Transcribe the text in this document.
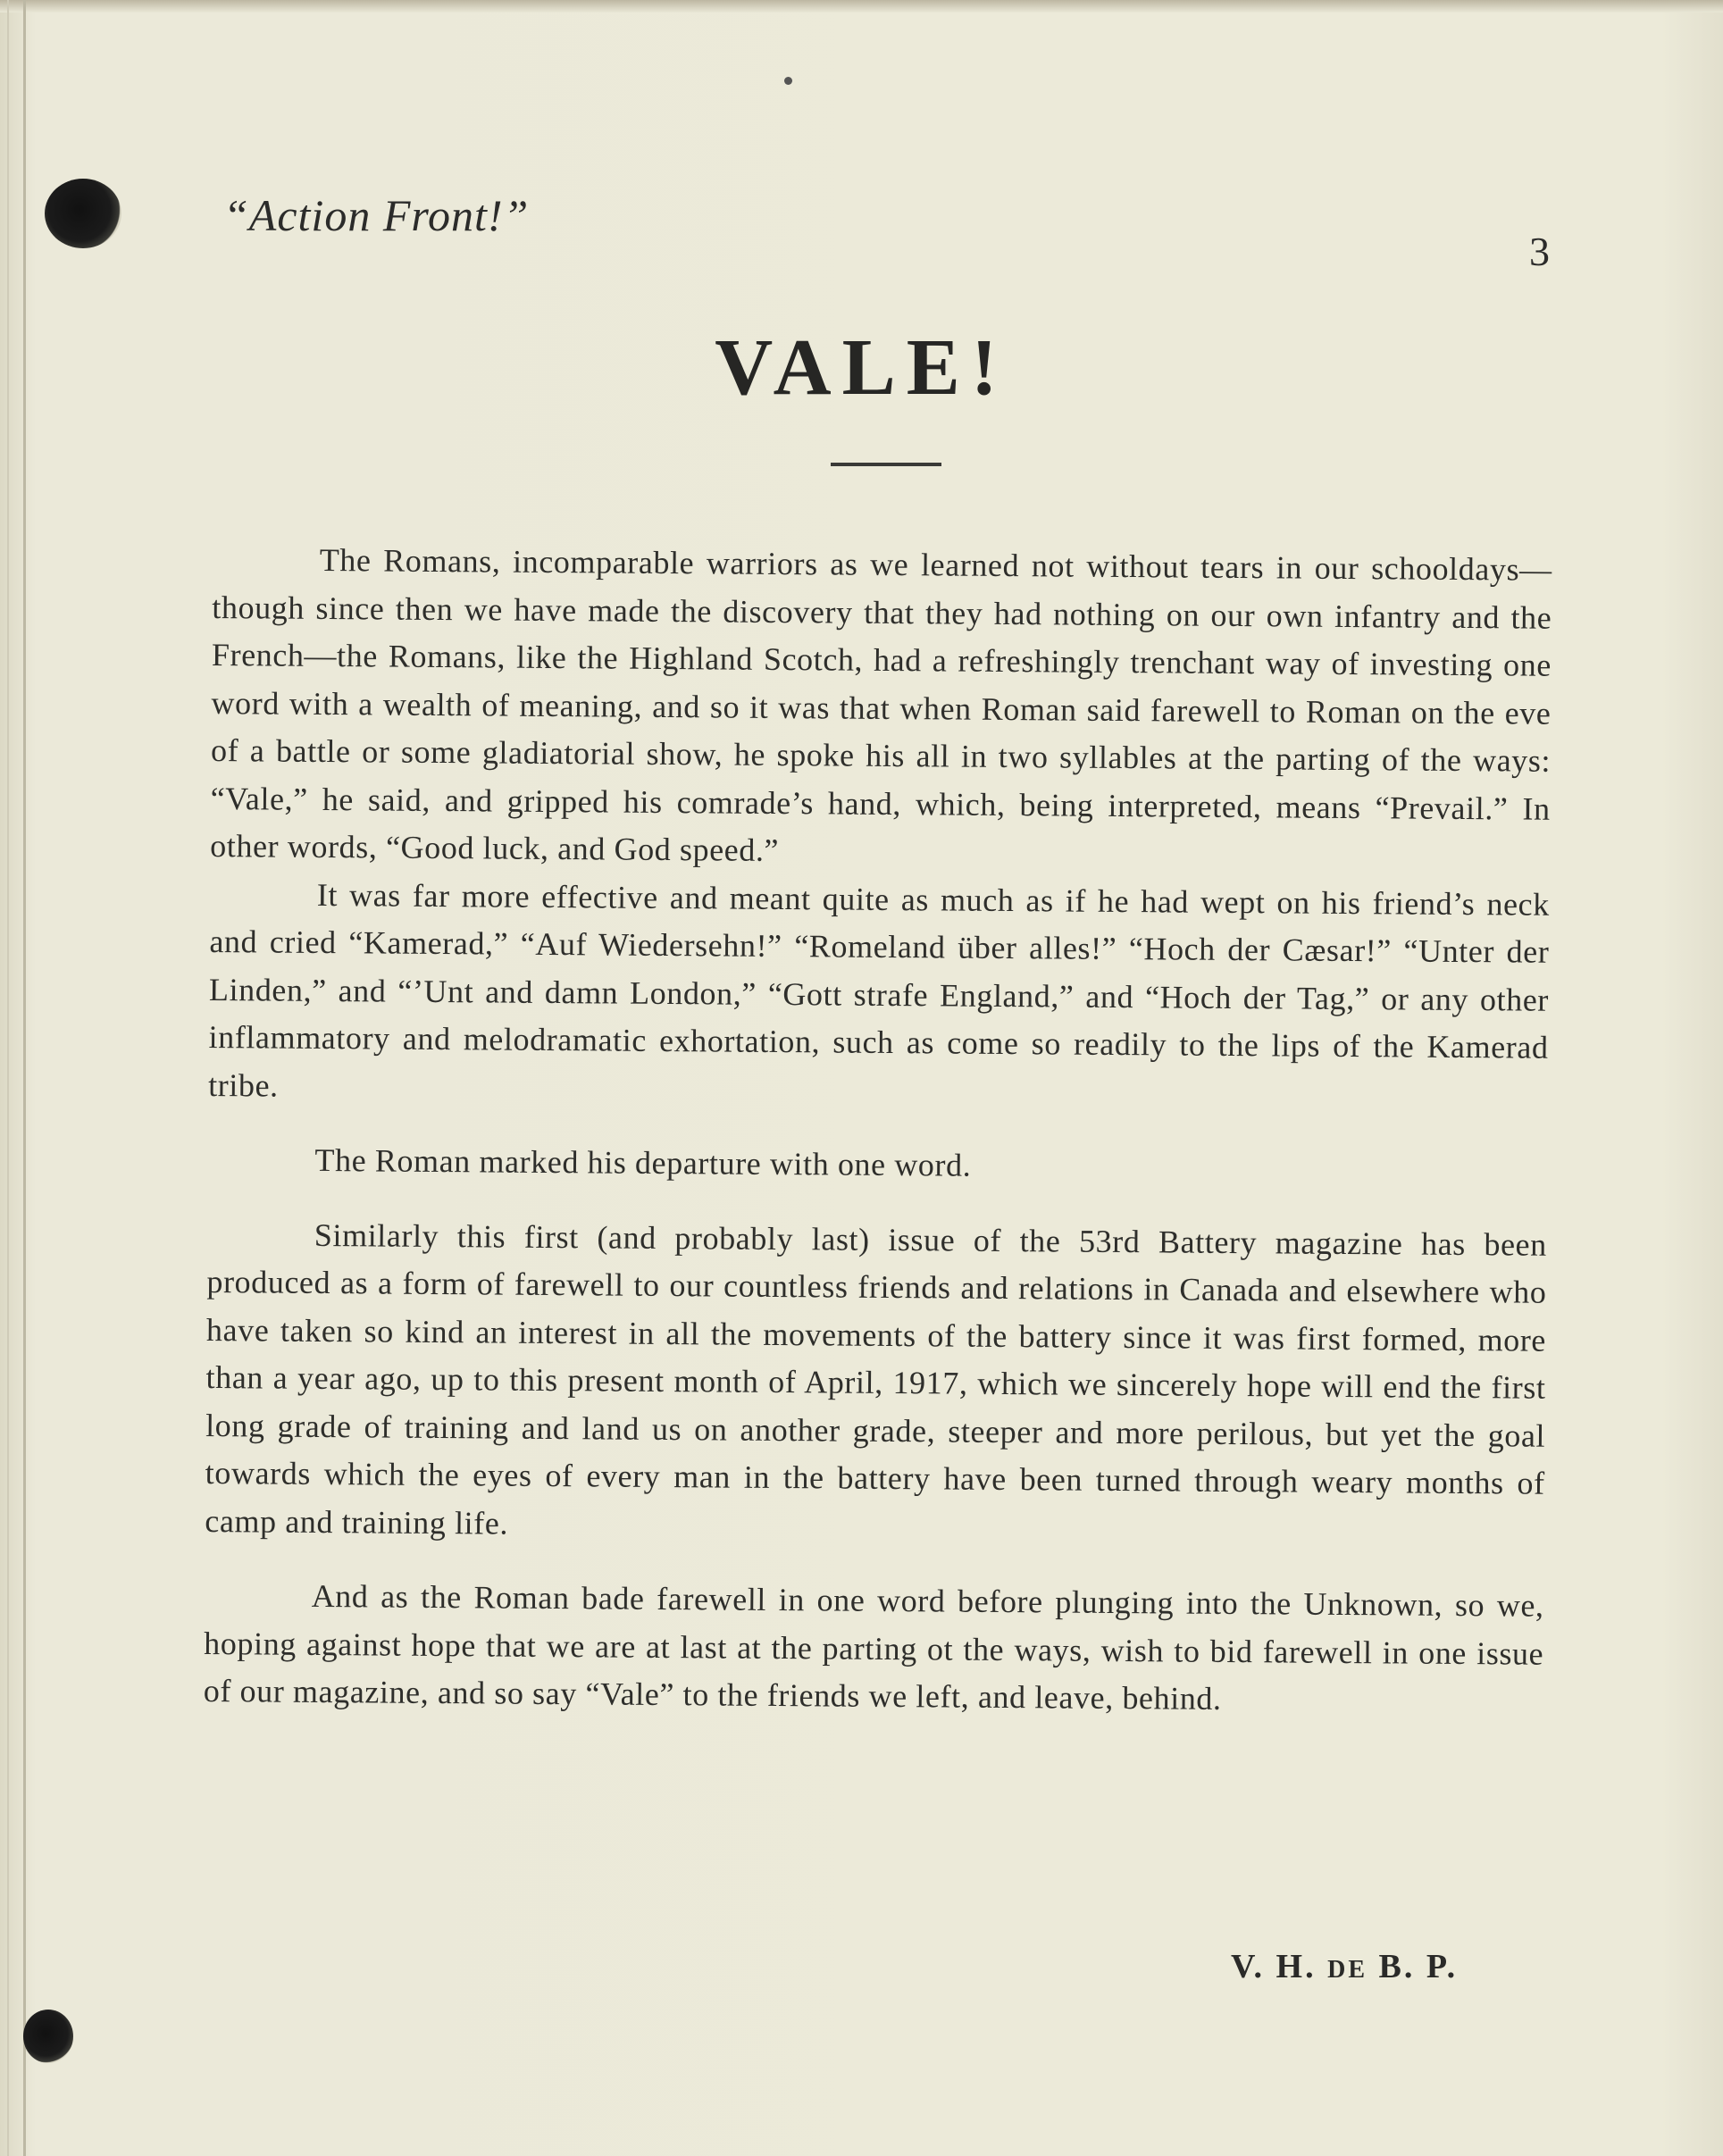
“Action Front!”
3
VALE!

The Romans, incomparable warriors as we learned not without tears in our schooldays—though since then we have made the discovery that they had nothing on our own infantry and the French—the Romans, like the Highland Scotch, had a refreshingly trenchant way of investing one word with a wealth of meaning, and so it was that when Roman said farewell to Roman on the eve of a battle or some gladiatorial show, he spoke his all in two syllables at the parting of the ways: “Vale,” he said, and gripped his comrade’s hand, which, being interpreted, means “Prevail.” In other words, “Good luck, and God speed.”

It was far more effective and meant quite as much as if he had wept on his friend’s neck and cried “Kamerad,” “Auf Wiedersehn!” “Romeland über alles!” “Hoch der Cæsar!” “Unter der Linden,” and “’Unt and damn London,” “Gott strafe England,” and “Hoch der Tag,” or any other inflammatory and melodramatic exhortation, such as come so readily to the lips of the Kamerad tribe.

The Roman marked his departure with one word.

Similarly this first (and probably last) issue of the 53rd Battery magazine has been produced as a form of farewell to our countless friends and relations in Canada and elsewhere who have taken so kind an interest in all the movements of the battery since it was first formed, more than a year ago, up to this present month of April, 1917, which we sincerely hope will end the first long grade of training and land us on another grade, steeper and more perilous, but yet the goal towards which the eyes of every man in the battery have been turned through weary months of camp and training life.

And as the Roman bade farewell in one word before plunging into the Unknown, so we, hoping against hope that we are at last at the parting ot the ways, wish to bid farewell in one issue of our magazine, and so say “Vale” to the friends we left, and leave, behind.

V. H. DE B. P.
